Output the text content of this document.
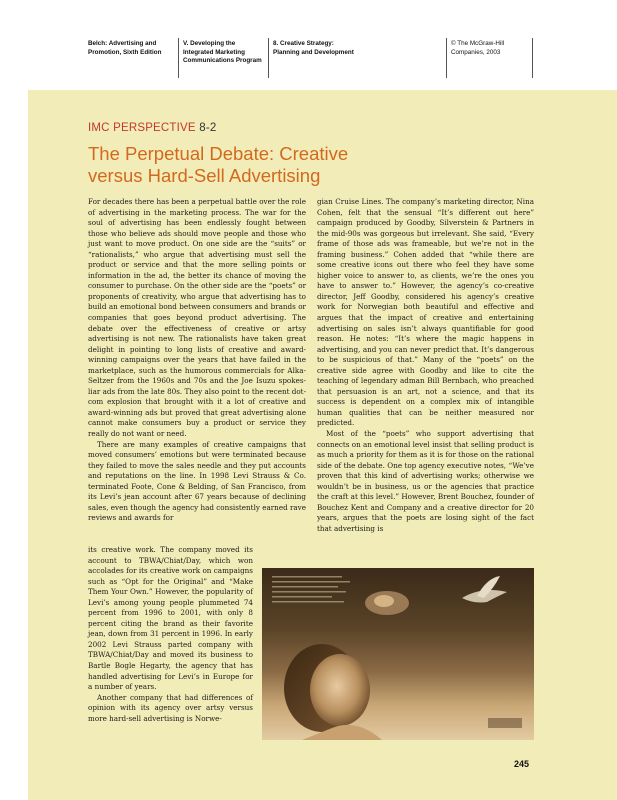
Belch: Advertising and
Promotion, Sixth Edition
V. Developing the
Integrated Marketing
Communications Program
8. Creative Strategy:
Planning and Development
© The McGraw-Hill
Companies, 2003
IMC PERSPECTIVE 8-2
The Perpetual Debate: Creative versus Hard-Sell Advertising

For decades there has been a perpetual battle over the role of advertising in the marketing process. The war for the soul of advertising has been endlessly fought between those who believe ads should move people and those who just want to move product. On one side are the “suits” or “rationalists,” who argue that advertising must sell the product or service and that the more selling points or information in the ad, the better its chance of moving the consumer to purchase. On the other side are the “poets” or proponents of creativity, who argue that advertising has to build an emotional bond between consumers and brands or companies that goes beyond product advertising. The debate over the effectiveness of creative or artsy advertising is not new. The rationalists have taken great delight in pointing to long lists of creative and award-winning campaigns over the years that have failed in the marketplace, such as the humorous commercials for Alka-Seltzer from the 1960s and 70s and the Joe Isuzu spokes-liar ads from the late 80s. They also point to the recent dot-com explosion that brought with it a lot of creative and award-winning ads but proved that great advertising alone cannot make consumers buy a product or service they really do not want or need.

There are many examples of creative campaigns that moved consumers’ emotions but were terminated because they failed to move the sales needle and they put accounts and reputations on the line. In 1998 Levi Strauss & Co. terminated Foote, Cone & Belding, of San Francisco, from its Levi’s jean account after 67 years because of declining sales, even though the agency had consistently earned rave reviews and awards for

its creative work. The company moved its account to TBWA/Chiat/Day, which won accolades for its creative work on campaigns such as “Opt for the Original” and “Make Them Your Own.” However, the popularity of Levi’s among young people plummeted 74 percent from 1996 to 2001, with only 8 percent citing the brand as their favorite jean, down from 31 percent in 1996. In early 2002 Levi Strauss parted company with TBWA/Chiat/Day and moved its business to Bartle Bogle Hegarty, the agency that has handled advertising for Levi’s in Europe for a number of years.

Another company that had differences of opinion with its agency over artsy versus more hard-sell advertising is Norwe-

gian Cruise Lines. The company’s marketing director, Nina Cohen, felt that the sensual “It’s different out here” campaign produced by Goodby, Silverstein & Partners in the mid-90s was gorgeous but irrelevant. She said, “Every frame of those ads was frameable, but we’re not in the framing business.” Cohen added that “while there are some creative icons out there who feel they have some higher voice to answer to, as clients, we’re the ones you have to answer to.” However, the agency’s co-creative director, Jeff Goodby, considered his agency’s creative work for Norwegian both beautiful and effective and argues that the impact of creative and entertaining advertising on sales isn’t always quantifiable for good reason. He notes: “It’s where the magic happens in advertising, and you can never predict that. It’s dangerous to be suspicious of that.” Many of the “poets” on the creative side agree with Goodby and like to cite the teaching of legendary adman Bill Bernbach, who preached that persuasion is an art, not a science, and that its success is dependent on a complex mix of intangible human qualities that can be neither measured nor predicted.

Most of the “poets” who support advertising that connects on an emotional level insist that selling product is as much a priority for them as it is for those on the rational side of the debate. One top agency executive notes, “We’ve proven that this kind of advertising works; otherwise we wouldn’t be in business, us or the agencies that practice the craft at this level.” However, Brent Bouchez, founder of Bouchez Kent and Company and a creative director for 20 years, argues that the poets are losing sight of the fact that advertising is

245
